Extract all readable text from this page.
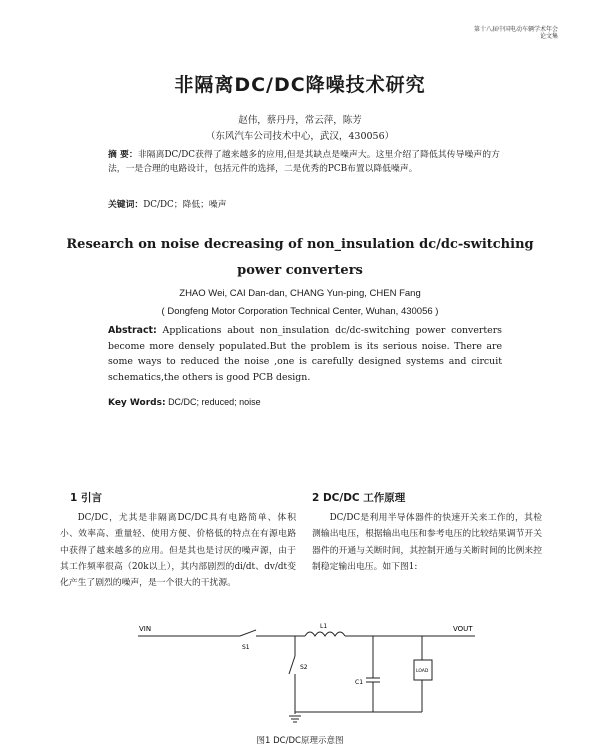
第十八届中国电动车辆学术年会
论文集
非隔离DC/DC降噪技术研究
赵伟，蔡丹丹，常云萍，陈芳
（东风汽车公司技术中心，武汉，430056）
摘 要：非隔离DC/DC获得了越来越多的应用,但是其缺点是噪声大。这里介绍了降低其传导噪声的方法，一是合理的电路设计，包括元件的选择，二是优秀的PCB布置以降低噪声。
关键词：DC/DC；降低；噪声
Research on noise decreasing of non_insulation dc/dc-switching power converters
ZHAO Wei, CAI Dan-dan, CHANG Yun-ping, CHEN Fang
( Dongfeng Motor Corporation Technical Center, Wuhan, 430056 )
Abstract: Applications about non_insulation dc/dc-switching power converters become more densely populated.But the problem is its serious noise. There are some ways to reduced the noise ,one is carefully designed systems and circuit schematics,the others is good PCB design.
Key Words: DC/DC; reduced; noise
1 引言
DC/DC，尤其是非隔离DC/DC具有电路简单、体积小、效率高、重量轻、使用方便、价格低的特点在有源电路中获得了越来越多的应用。但是其也是讨厌的噪声源，由于其工作频率很高（20k以上），其内部剧烈的di/dt、dv/dt变化产生了剧烈的噪声，是一个很大的干扰源。
2 DC/DC 工作原理
DC/DC是利用半导体器件的快速开关来工作的，其检测输出电压，根据输出电压和参考电压的比较结果调节开关器件的开通与关断时间，其控制开通与关断时间的比例来控制稳定输出电压。如下图1:
VIN	VOUT
S1
L1
S2
C1
LOAD
图1 DC/DC原理示意图
